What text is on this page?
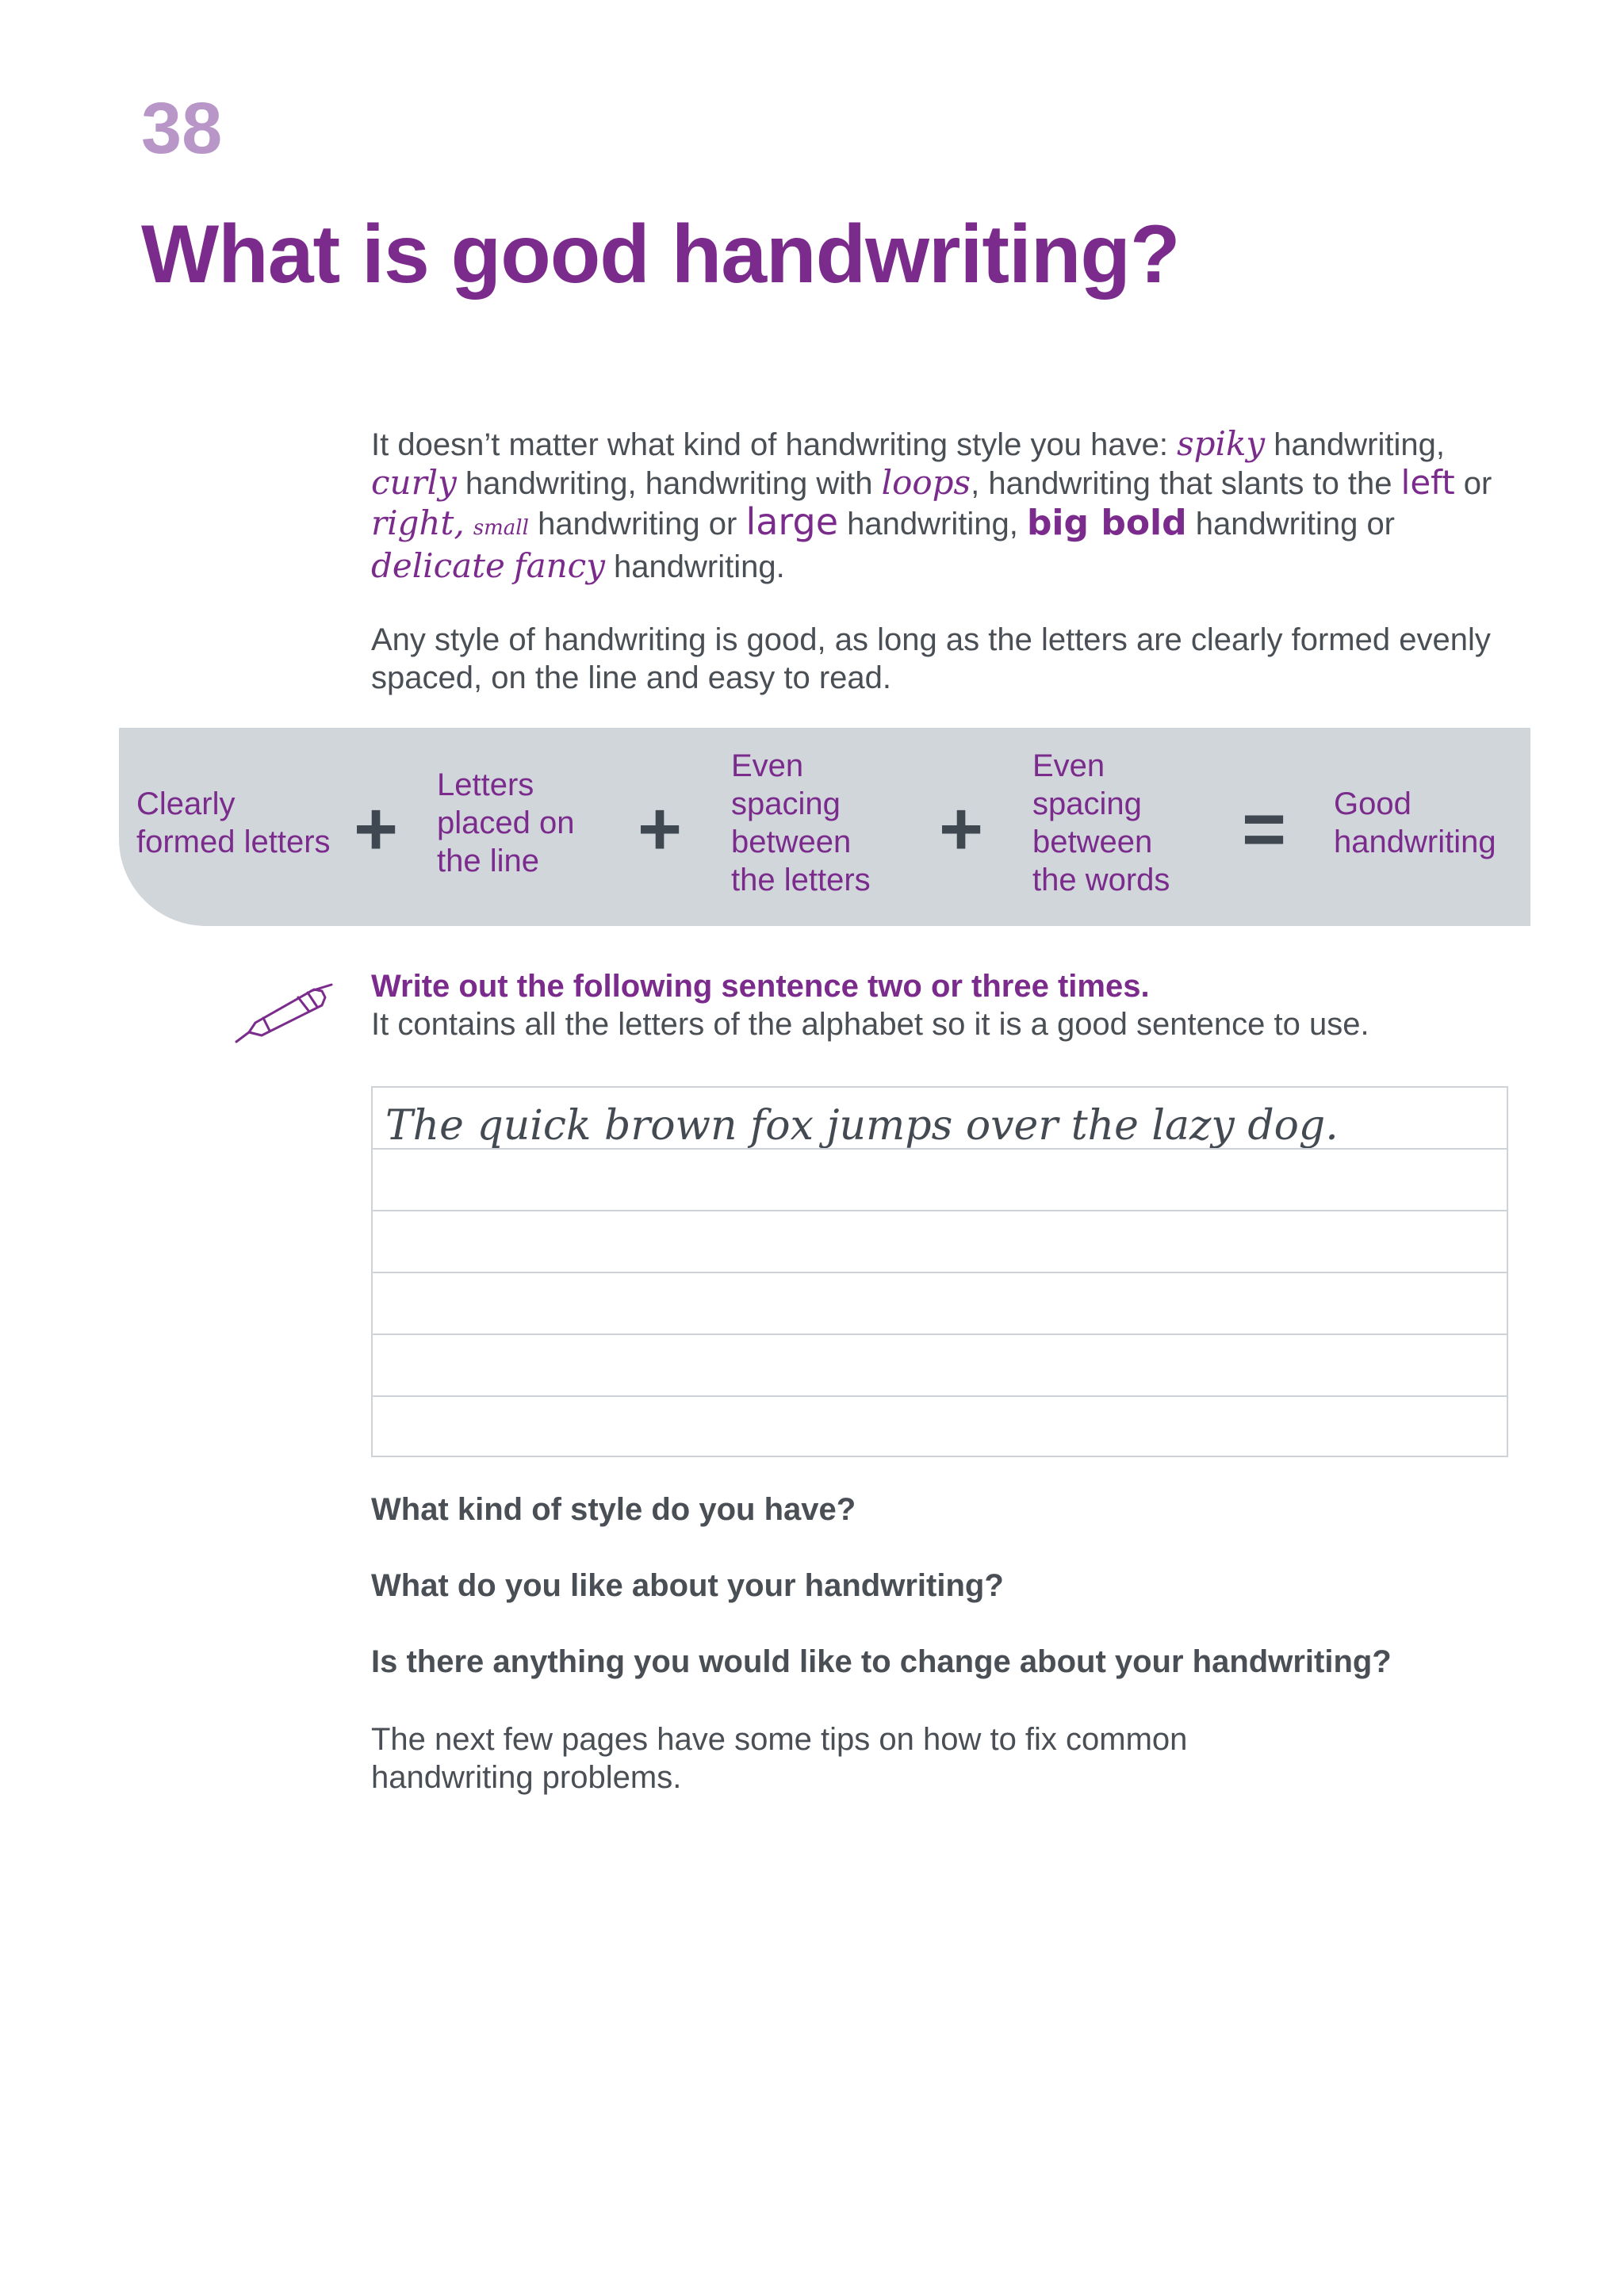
38
What is good handwriting?

It doesn’t matter what kind of handwriting style you have: spiky handwriting, curly handwriting, handwriting with loops, handwriting that slants to the left or right, small handwriting or large handwriting, big bold handwriting or delicate fancy handwriting.

Any style of handwriting is good, as long as the letters are clearly formed evenly spaced, on the line and easy to read.

Clearly
formed letters +
Letters
placed on
the line	+
Even
spacing
between
the letters
+
Even
spacing
between
the words
= Good
handwriting
Write out the following sentence two or three times.
It contains all the letters of the alphabet so it is a good sentence to use.
The quick brown fox jumps over the lazy dog.
What kind of style do you have?
What do you like about your handwriting?
Is there anything you would like to change about your handwriting?
The next few pages have some tips on how to fix common handwriting problems.
